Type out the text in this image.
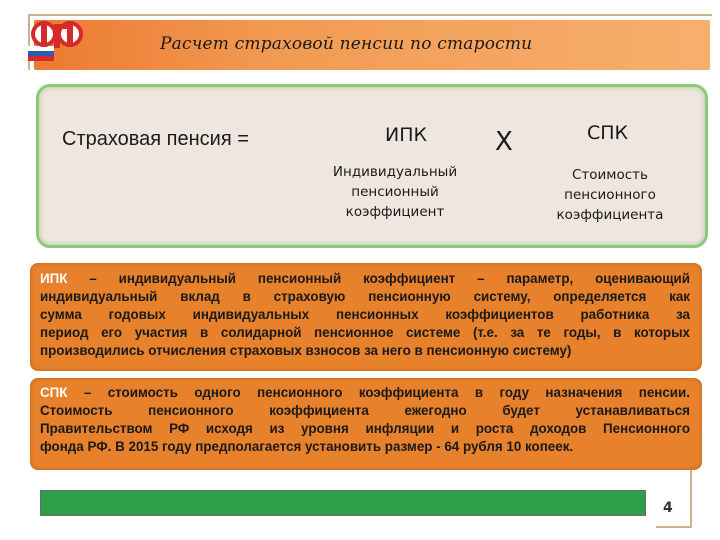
Расчет страховой пенсии по старости
Страховая пенсия =	ИПК	Х	СПК
Индивидуальный
пенсионный
коэффициент
Стоимость
пенсионного
коэффициента
ИПК – индивидуальный пенсионный коэффициент – параметр, оценивающий
индивидуальный вклад в страховую пенсионную систему, определяется как
сумма годовых индивидуальных пенсионных коэффициентов работника за
период его участия в солидарной пенсионное системе (т.е. за те годы, в которых
производились отчисления страховых взносов за него в пенсионную систему)
СПК – стоимость одного пенсионного коэффициента в году назначения пенсии.
Стоимость пенсионного коэффициента ежегодно будет устанавливаться
Правительством РФ исходя из уровня инфляции и роста доходов Пенсионного
фонда РФ. В 2015 году предполагается установить размер - 64 рубля 10 копеек.
4
